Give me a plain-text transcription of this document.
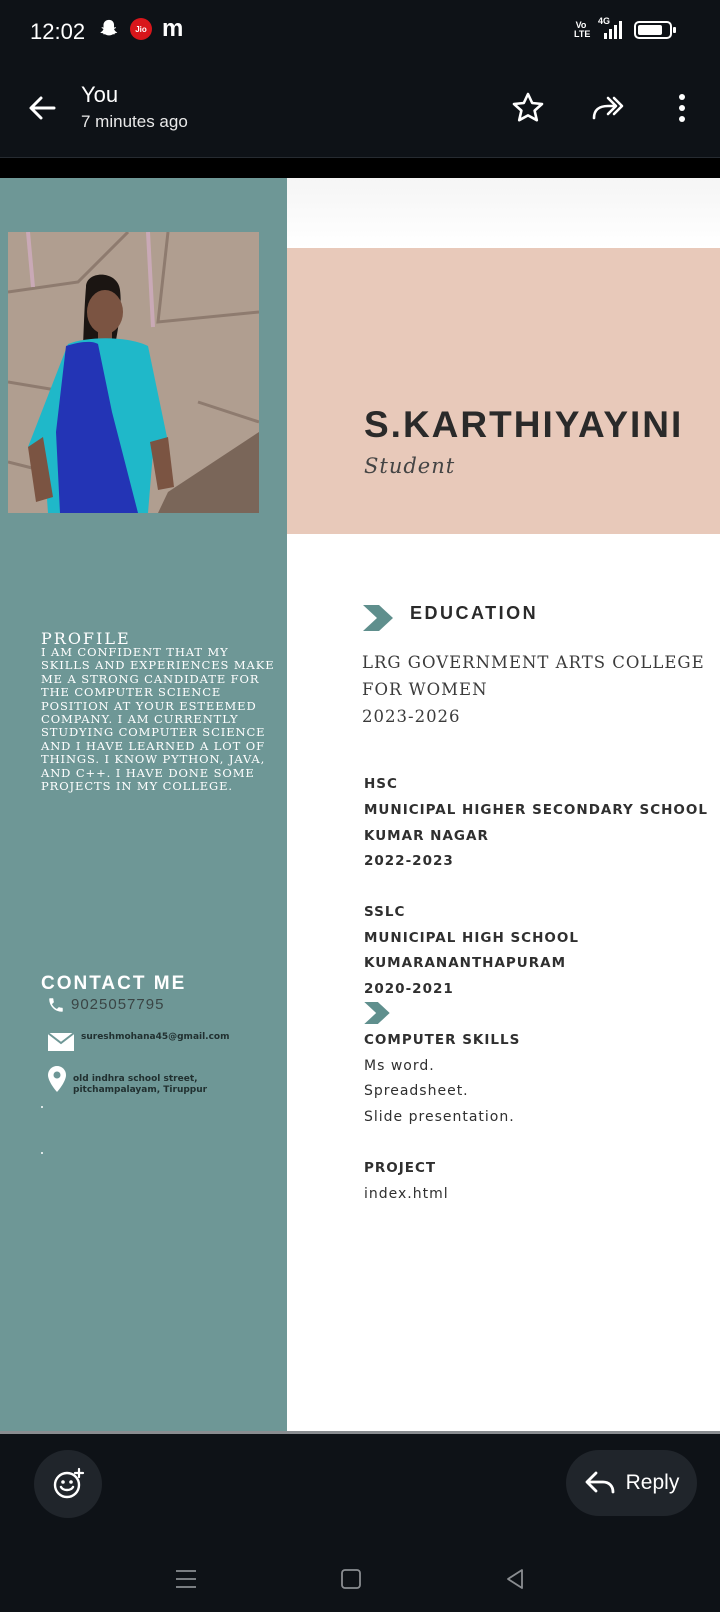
12:02	Jio m	Vo LTE
4G
You
7 minutes ago
S.KARTHIYAYINI
Student
PROFILE
I AM CONFIDENT THAT MY SKILLS AND EXPERIENCES MAKE ME A STRONG CANDIDATE FOR THE COMPUTER SCIENCE POSITION AT YOUR ESTEEMED COMPANY. I AM CURRENTLY STUDYING COMPUTER SCIENCE AND I HAVE LEARNED A LOT OF THINGS. I KNOW PYTHON, JAVA, AND C++. I HAVE DONE SOME PROJECTS IN MY COLLEGE.
CONTACT ME
9025057795
sureshmohana45@gmail.com
old indhra school street, pitchampalayam, Tiruppur
EDUCATION
LRG GOVERNMENT ARTS COLLEGE
FOR WOMEN
2023-2026
HSC
MUNICIPAL HIGHER SECONDARY SCHOOL
KUMAR NAGAR
2022-2023
SSLC
MUNICIPAL HIGH SCHOOL
KUMARANANTHAPURAM
2020-2021
COMPUTER SKILLS
Ms word.
Spreadsheet.
Slide presentation.
PROJECT
index.html
Reply
